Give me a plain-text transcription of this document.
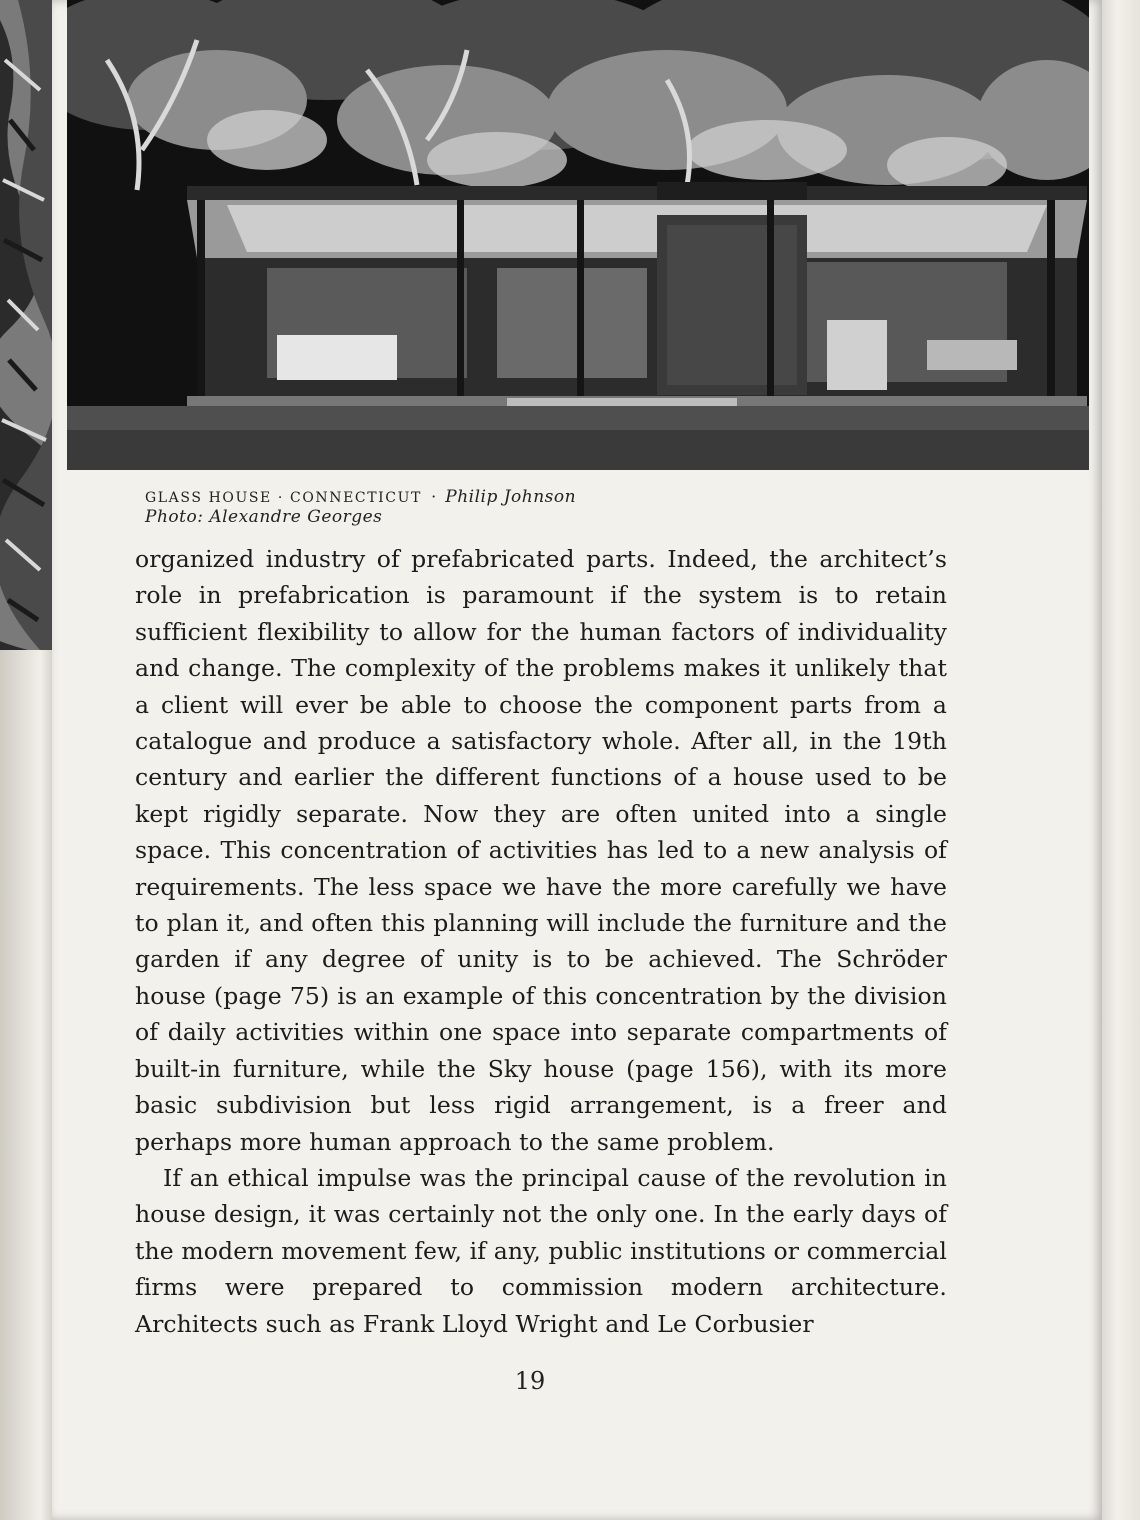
GLASS HOUSE · CONNECTICUT · Philip Johnson
Photo: Alexandre Georges

organized industry of prefabricated parts. Indeed, the architect’s role in prefabrication is paramount if the system is to retain sufficient flexibility to allow for the human factors of individuality and change. The complexity of the problems makes it unlikely that a client will ever be able to choose the component parts from a catalogue and produce a satisfactory whole. After all, in the 19th century and earlier the different functions of a house used to be kept rigidly separate. Now they are often united into a single space. This concentration of activities has led to a new analysis of requirements. The less space we have the more carefully we have to plan it, and often this planning will include the furniture and the garden if any degree of unity is to be achieved. The Schröder house (page 75) is an example of this concentration by the division of daily activities within one space into separate compartments of built-in furniture, while the Sky house (page 156), with its more basic subdivision but less rigid arrangement, is a freer and perhaps more human approach to the same problem.

If an ethical impulse was the principal cause of the revolution in house design, it was certainly not the only one. In the early days of the modern movement few, if any, public institutions or commercial firms were prepared to commission modern architecture. Architects such as Frank Lloyd Wright and Le Corbusier

19
